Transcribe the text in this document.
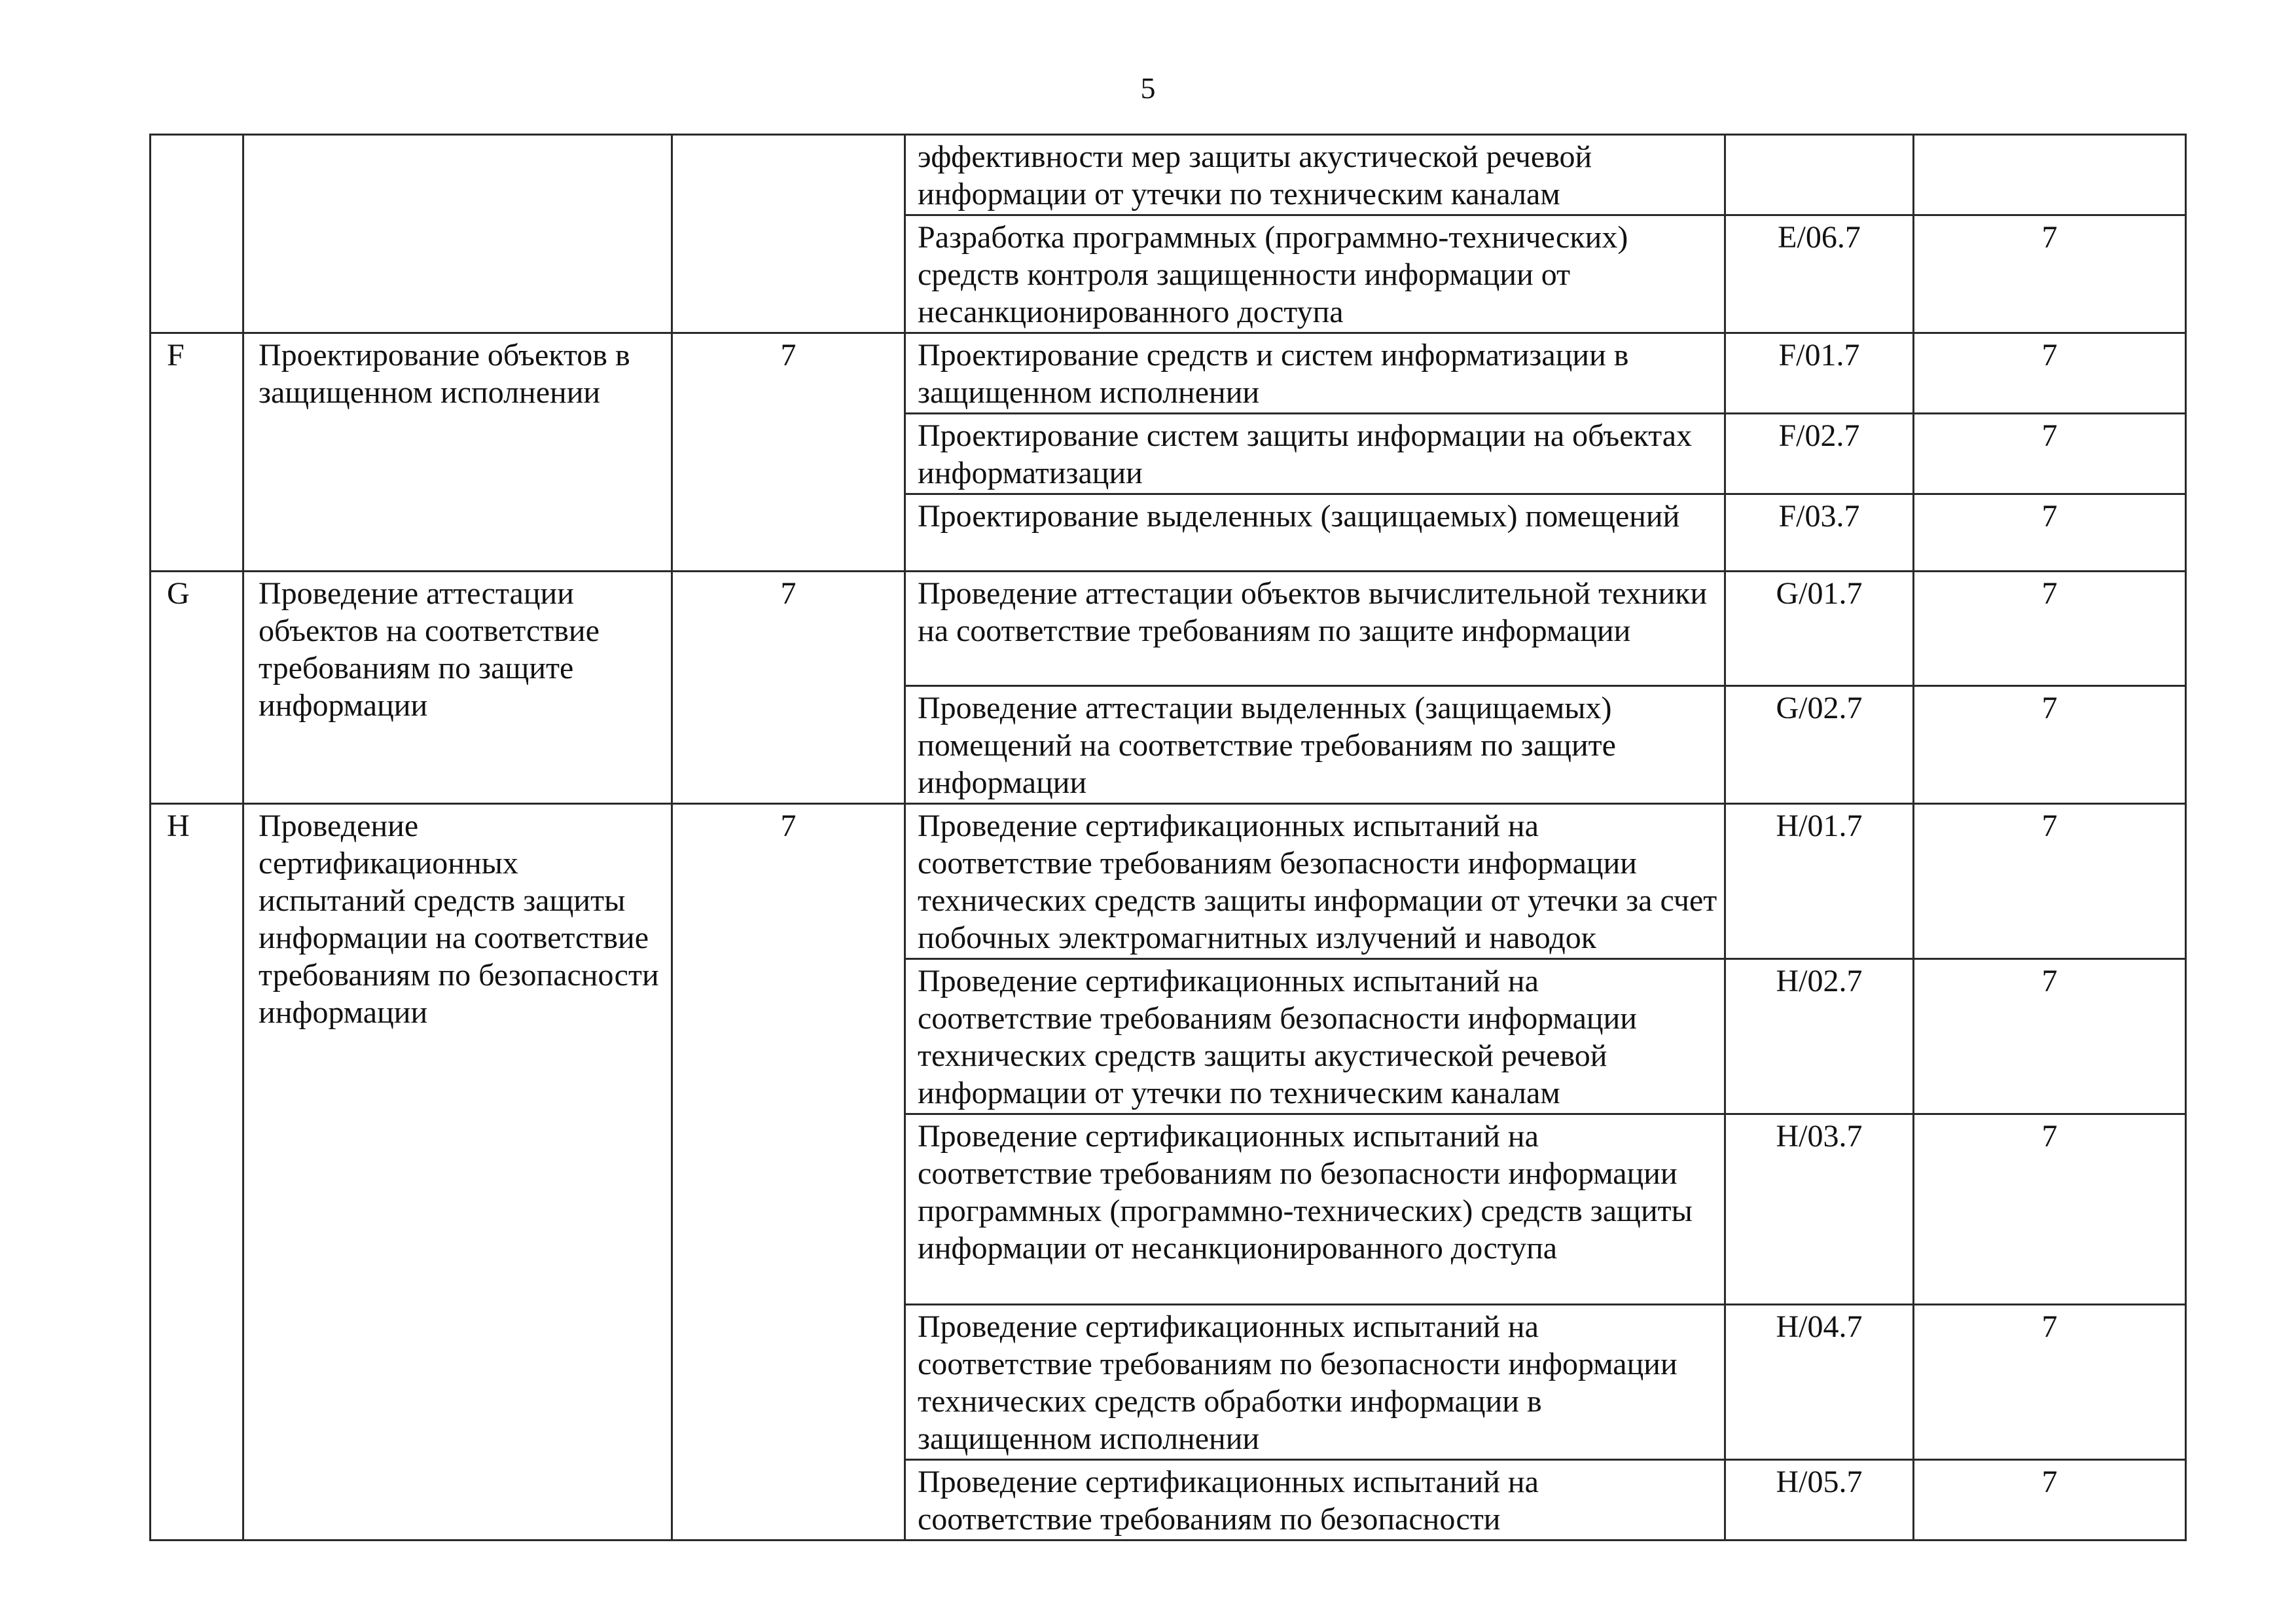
5
			эффективности мер защиты акустической речевой информации от утечки по техническим каналам		
			Разработка программных (программно-технических) средств контроля защищенности информации от несанкционированного доступа	E/06.7	7
F	Проектирование объектов в защищенном исполнении	7	Проектирование средств и систем информатизации в защищенном исполнении	F/01.7	7
			Проектирование систем защиты информации на объектах информатизации	F/02.7	7
			Проектирование выделенных (защищаемых) помещений	F/03.7	7
G	Проведение аттестации объектов на соответствие требованиям по защите информации	7	Проведение аттестации объектов вычислительной техники на соответствие требованиям по защите информации	G/01.7	7
			Проведение аттестации выделенных (защищаемых) помещений на соответствие требованиям по защите информации	G/02.7	7
H	Проведение сертификационных испытаний средств защиты информации на соответствие требованиям по безопасности информации	7	Проведение сертификационных испытаний на соответствие требованиям безопасности информации технических средств защиты информации от утечки за счет побочных электромагнитных излучений и наводок	H/01.7	7
			Проведение сертификационных испытаний на соответствие требованиям безопасности информации технических средств защиты акустической речевой информации от утечки по техническим каналам	H/02.7	7
			Проведение сертификационных испытаний на соответствие требованиям по безопасности информации программных (программно-технических) средств защиты информации от несанкционированного доступа	H/03.7	7
			Проведение сертификационных испытаний на соответствие требованиям по безопасности информации технических средств обработки информации в защищенном исполнении	H/04.7	7
			Проведение сертификационных испытаний на соответствие требованиям по безопасности	H/05.7	7
